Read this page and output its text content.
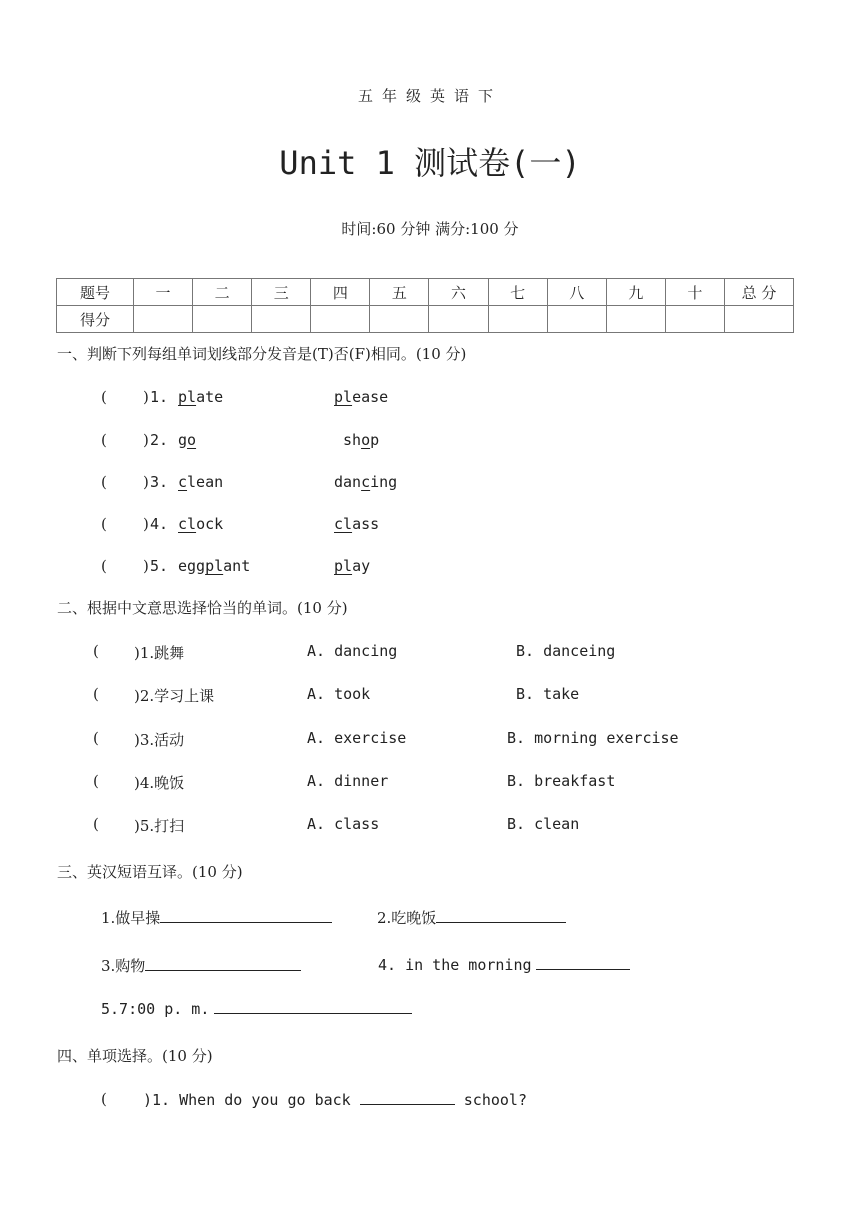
五年级英语下
Unit 1 测试卷(一)
时间:60 分钟 满分:100 分
题号	一	二	三	四	五	六	七	八	九	十	总 分
得分											
一、判断下列每组单词划线部分发音是(T)否(F)相同。(10 分)
( ) 1. plate	please
( ) 2. go	shop
( ) 3. clean	dancing
( ) 4. clock	class
( ) 5. eggplant	play
二、根据中文意思选择恰当的单词。(10 分)
( )1.跳舞	A. dancing	B. danceing
( )2.学习上课	A. took	B. take
( )3.活动	A. exercise	B. morning exercise
( )4.晚饭	A. dinner	B. breakfast
( )5.打扫	A. class	B. clean
三、英汉短语互译。(10 分)
1.做早操	2.吃晚饭
3.购物	4. in the morning
5.7:00 p. m.
四、单项选择。(10 分)
( )1. When do you go back	school?
